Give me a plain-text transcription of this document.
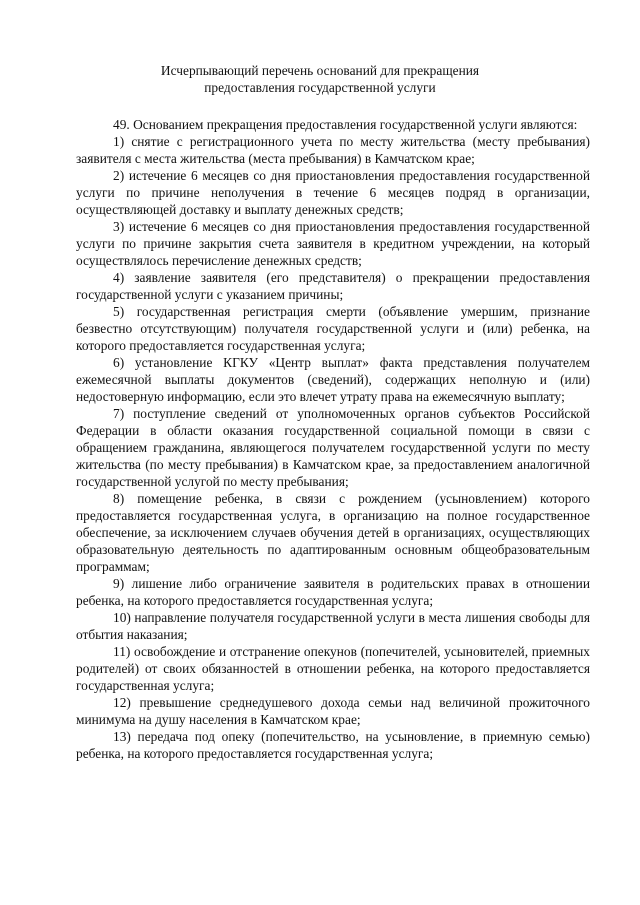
Исчерпывающий перечень оснований для прекращения
предоставления государственной услуги

49. Основанием прекращения предоставления государственной услуги являются:

1) снятие с регистрационного учета по месту жительства (месту пребывания) заявителя с места жительства (места пребывания) в Камчатском крае;

2) истечение 6 месяцев со дня приостановления предоставления государственной услуги по причине неполучения в течение 6 месяцев подряд в организации, осуществляющей доставку и выплату денежных средств;

3) истечение 6 месяцев со дня приостановления предоставления государственной услуги по причине закрытия счета заявителя в кредитном учреждении, на который осуществлялось перечисление денежных средств;

4) заявление заявителя (его представителя) о прекращении предоставления государственной услуги с указанием причины;

5) государственная регистрация смерти (объявление умершим, признание безвестно отсутствующим) получателя государственной услуги и (или) ребенка, на которого предоставляется государственная услуга;

6) установление КГКУ «Центр выплат» факта представления получателем ежемесячной выплаты документов (сведений), содержащих неполную и (или) недостоверную информацию, если это влечет утрату права на ежемесячную выплату;

7) поступление сведений от уполномоченных органов субъектов Российской Федерации в области оказания государственной социальной помощи в связи с обращением гражданина, являющегося получателем государственной услуги по месту жительства (по месту пребывания) в Камчатском крае, за предоставлением аналогичной государственной услугой по месту пребывания;

8) помещение ребенка, в связи с рождением (усыновлением) которого предоставляется государственная услуга, в организацию на полное государственное обеспечение, за исключением случаев обучения детей в организациях, осуществляющих образовательную деятельность по адаптированным основным общеобразовательным программам;

9) лишение либо ограничение заявителя в родительских правах в отношении ребенка, на которого предоставляется государственная услуга;

10) направление получателя государственной услуги в места лишения свободы для отбытия наказания;

11) освобождение и отстранение опекунов (попечителей, усыновителей, приемных родителей) от своих обязанностей в отношении ребенка, на которого предоставляется государственная услуга;

12) превышение среднедушевого дохода семьи над величиной прожиточного минимума на душу населения в Камчатском крае;

13) передача под опеку (попечительство, на усыновление, в приемную семью) ребенка, на которого предоставляется государственная услуга;
